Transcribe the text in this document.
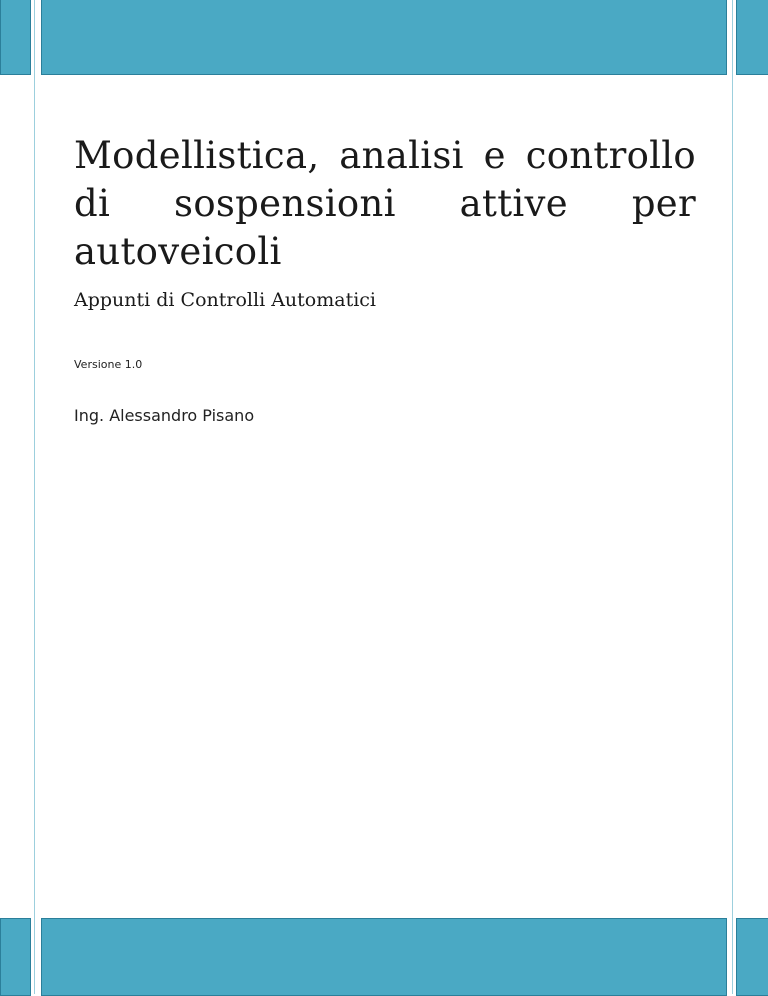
Modellistica, analisi e controllo
di sospensioni attive per
autoveicoli

Appunti di Controlli Automatici

Versione 1.0

Ing. Alessandro Pisano
